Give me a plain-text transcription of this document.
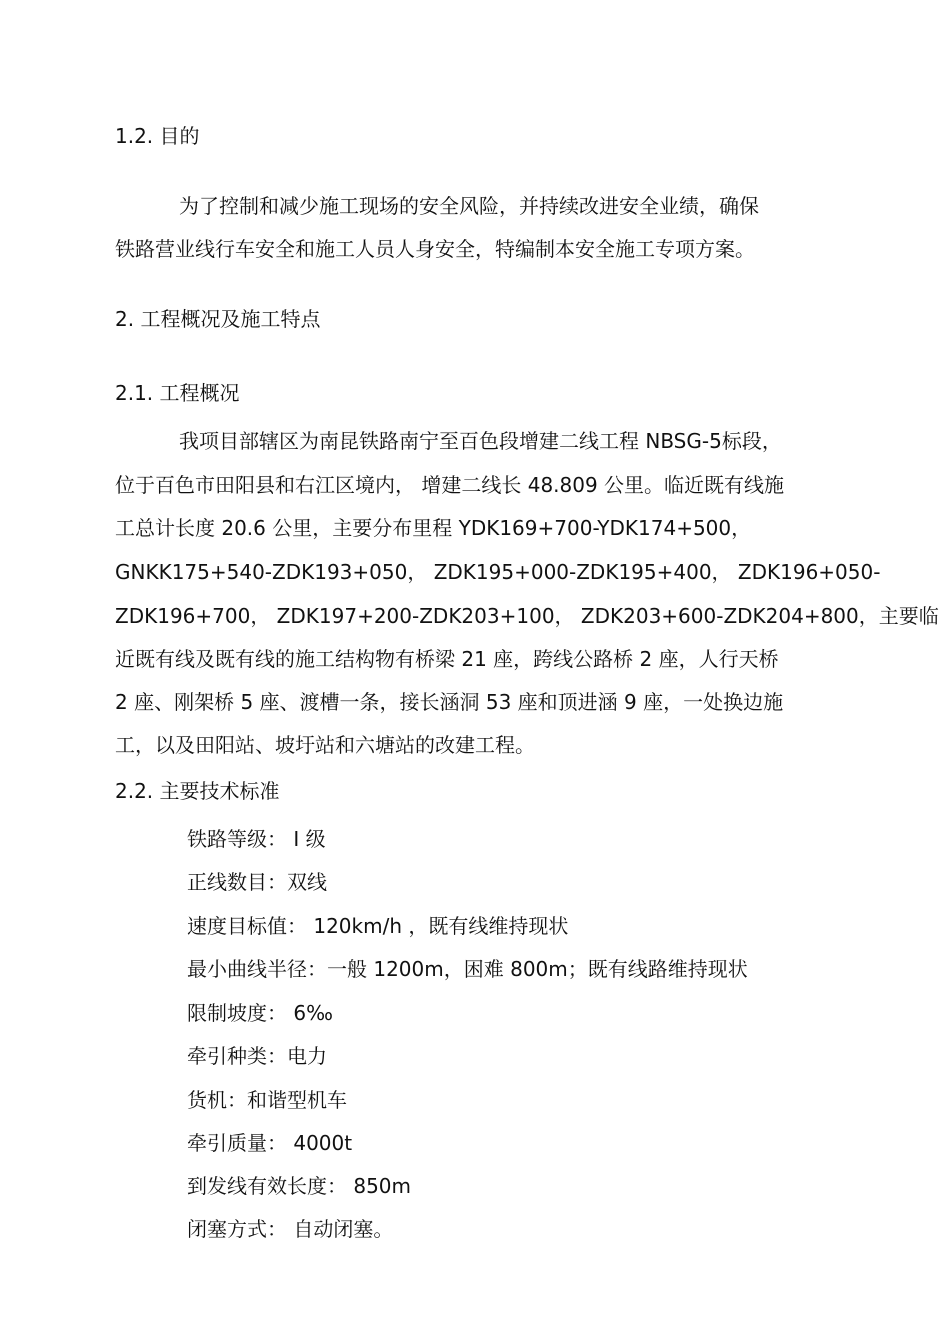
1.2. 目的
为了控制和减少施工现场的安全风险，并持续改进安全业绩，确保
铁路营业线行车安全和施工人员人身安全，特编制本安全施工专项方案。
2. 工程概况及施工特点
2.1. 工程概况
我项目部辖区为南昆铁路南宁至百色段增建二线工程 NBSG-5标段，
位于百色市田阳县和右江区境内， 增建二线长 48.809 公里。临近既有线施
工总计长度 20.6 公里，主要分布里程 YDK169+700-YDK174+500，
GNKK175+540-ZDK193+050， ZDK195+000-ZDK195+400， ZDK196+050-
ZDK196+700， ZDK197+200-ZDK203+100， ZDK203+600-ZDK204+800，主要临
近既有线及既有线的施工结构物有桥梁 21 座，跨线公路桥 2 座，人行天桥
2 座、刚架桥 5 座、渡槽一条，接长涵洞 53 座和顶进涵 9 座，一处换边施
工，以及田阳站、坡圩站和六塘站的改建工程。
2.2. 主要技术标准
铁路等级： Ⅰ 级
正线数目：双线
速度目标值： 120km/h ，既有线维持现状
最小曲线半径：一般 1200m，困难 800m；既有线路维持现状
限制坡度： 6‰
牵引种类：电力
货机：和谐型机车
牵引质量： 4000t
到发线有效长度： 850m
闭塞方式： 自动闭塞。
